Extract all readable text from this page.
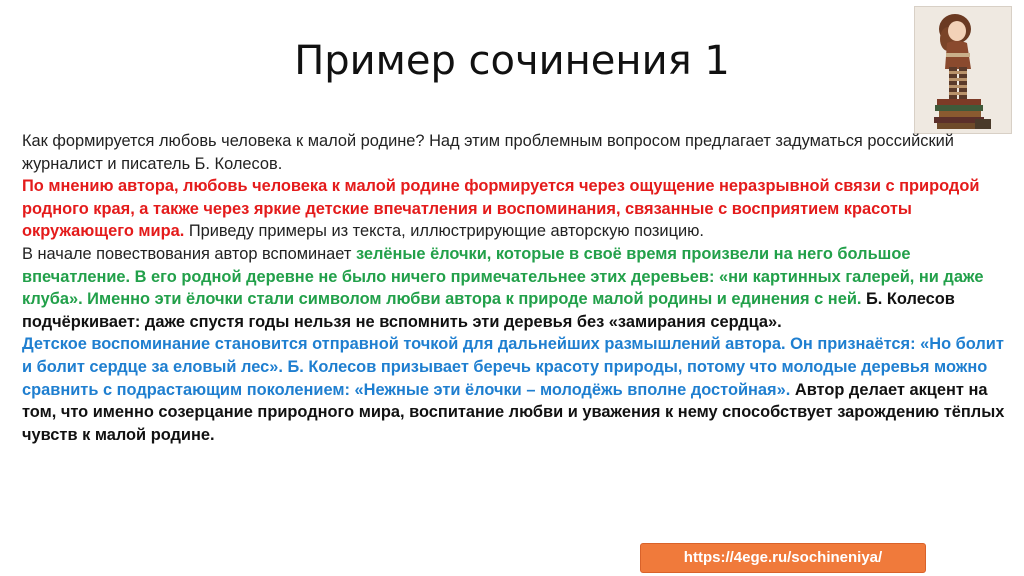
Пример сочинения 1

Как формируется любовь человека к малой родине? Над этим проблемным вопросом предлагает задуматься российский журналист и писатель Б. Колесов.

По мнению автора, любовь человека к малой родине формируется через ощущение неразрывной связи с природой родного края, а также через яркие детские впечатления и воспоминания, связанные с восприятием красоты окружающего мира. Приведу примеры из текста, иллюстрирующие авторскую позицию.

В начале повествования автор вспоминает зелёные ёлочки, которые в своё время произвели на него большое впечатление. В его родной деревне не было ничего примечательнее этих деревьев: «ни картинных галерей, ни даже клуба». Именно эти ёлочки стали символом любви автора к природе малой родины и единения с ней. Б. Колесов подчёркивает: даже спустя годы нельзя не вспомнить эти деревья без «замирания сердца».

Детское воспоминание становится отправной точкой для дальнейших размышлений автора. Он признаётся: «Но болит и болит сердце за еловый лес». Б. Колесов призывает беречь красоту природы, потому что молодые деревья можно сравнить с подрастающим поколением: «Нежные эти ёлочки – молодёжь вполне достойная». Автор делает акцент на том, что именно созерцание природного мира, воспитание любви и уважения к нему способствует зарождению тёплых чувств к малой родине.

https://4ege.ru/sochineniya/
